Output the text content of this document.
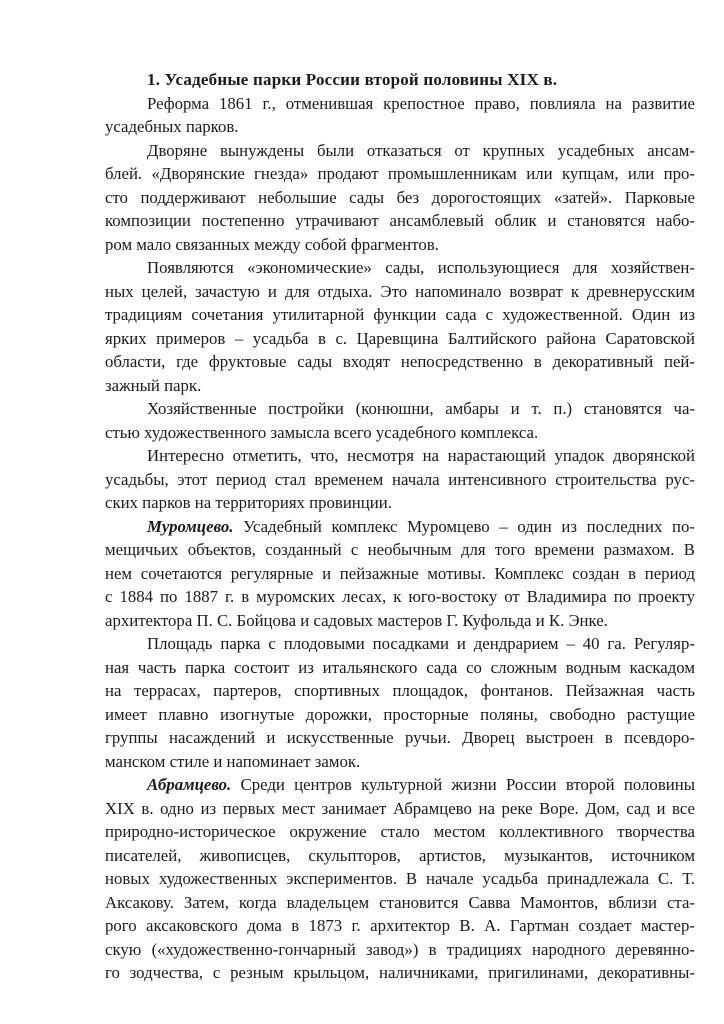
1. Усадебные парки России второй половины XIX в.

Реформа 1861 г., отменившая крепостное право, повлияла на развитие
усадебных парков.

Дворяне вынуждены были отказаться от крупных усадебных ансам-
блей. «Дворянские гнезда» продают промышленникам или купцам, или про-
сто поддерживают небольшие сады без дорогостоящих «затей». Парковые
композиции постепенно утрачивают ансамблевый облик и становятся набо-
ром мало связанных между собой фрагментов.

Появляются «экономические» сады, использующиеся для хозяйствен-
ных целей, зачастую и для отдыха. Это напоминало возврат к древнерусским
традициям сочетания утилитарной функции сада с художественной. Один из
ярких примеров – усадьба в с. Царевщина Балтийского района Саратовской
области, где фруктовые сады входят непосредственно в декоративный пей-
зажный парк.

Хозяйственные постройки (конюшни, амбары и т. п.) становятся ча-
стью художественного замысла всего усадебного комплекса.

Интересно отметить, что, несмотря на нарастающий упадок дворянской
усадьбы, этот период стал временем начала интенсивного строительства рус-
ских парков на территориях провинции.

Муромцево. Усадебный комплекс Муромцево – один из последних по-
мещичьих объектов, созданный с необычным для того времени размахом. В
нем сочетаются регулярные и пейзажные мотивы. Комплекс создан в период
с 1884 по 1887 г. в муромских лесах, к юго-востоку от Владимира по проекту
архитектора П. С. Бойцова и садовых мастеров Г. Куфольда и К. Энке.

Площадь парка с плодовыми посадками и дендрарием – 40 га. Регуляр-
ная часть парка состоит из итальянского сада со сложным водным каскадом
на террасах, партеров, спортивных площадок, фонтанов. Пейзажная часть
имеет плавно изогнутые дорожки, просторные поляны, свободно растущие
группы насаждений и искусственные ручьи. Дворец выстроен в псевдоро-
манском стиле и напоминает замок.

Абрамцево. Среди центров культурной жизни России второй половины
XIX в. одно из первых мест занимает Абрамцево на реке Воре. Дом, сад и все
природно-историческое окружение стало местом коллективного творчества
писателей, живописцев, скульпторов, артистов, музыкантов, источником
новых художественных экспериментов. В начале усадьба принадлежала С. Т.
Аксакову. Затем, когда владельцем становится Савва Мамонтов, вблизи ста-
рого аксаковского дома в 1873 г. архитектор В. А. Гартман создает мастер-
скую («художественно-гончарный завод») в традициях народного деревянно-
го зодчества, с резным крыльцом, наличниками, пригилинами, декоративны-
